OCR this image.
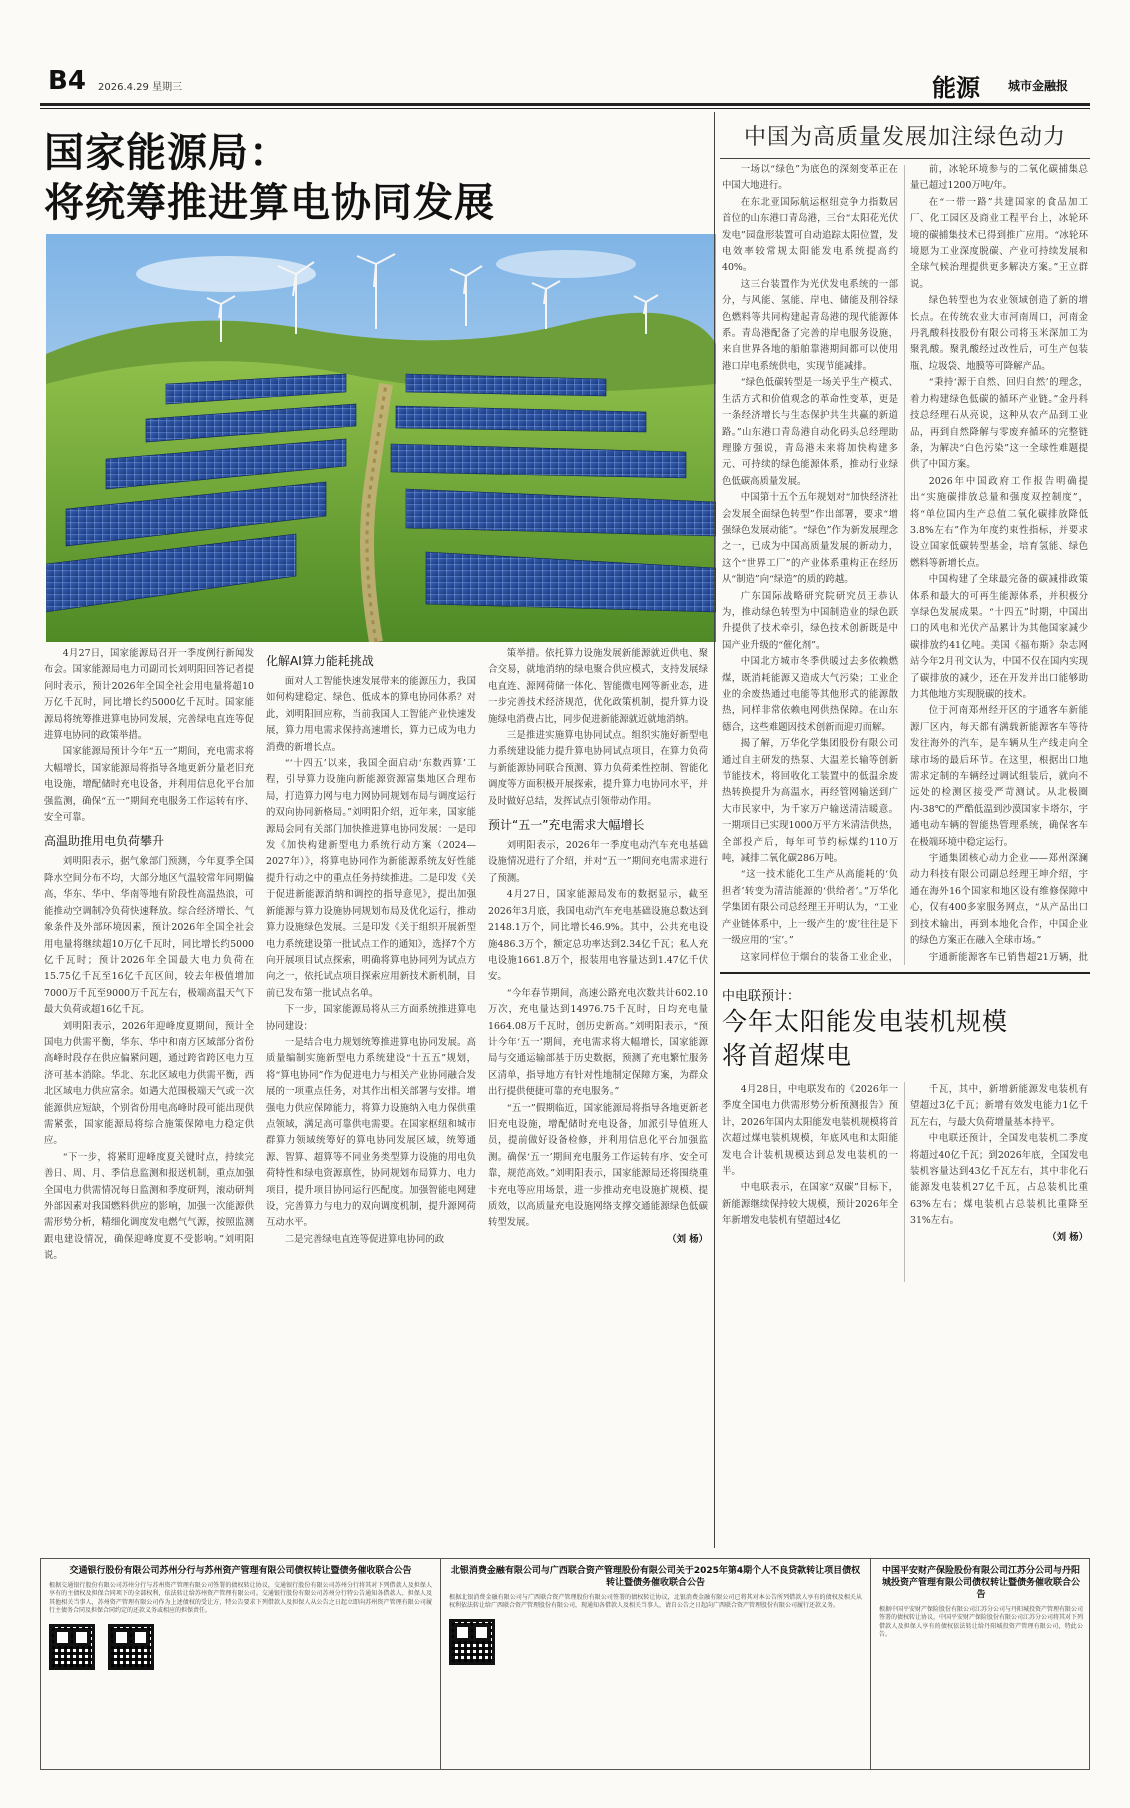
B4 2026.4.29 星期三	能源 城市金融报
国家能源局：
将统筹推进算电协同发展

4月27日，国家能源局召开一季度例行新闻发布会。国家能源局电力司副司长刘明阳回答记者提问时表示，预计2026年全国全社会用电量将超10万亿千瓦时，同比增长约5000亿千瓦时。国家能源局将统筹推进算电协同发展，完善绿电直连等促进算电协同的政策举措。

国家能源局预计今年“五一”期间，充电需求将大幅增长，国家能源局将指导各地更新分量老旧充电设施，增配储时充电设备，并利用信息化平台加强监测，确保“五一”期间充电服务工作运转有序、安全可靠。

高温助推用电负荷攀升

刘明阳表示，据气象部门预测，今年夏季全国降水空间分布不均，大部分地区气温较常年同期偏高，华东、华中、华南等地有阶段性高温热浪，可能推动空调制冷负荷快速释放。综合经济增长、气象条件及外部环境因素，预计2026年全国全社会用电量将继续超10万亿千瓦时，同比增长约5000亿千瓦时；预计2026年全国最大电力负荷在15.75亿千瓦至16亿千瓦区间，较去年极值增加7000万千瓦至9000万千瓦左右，极端高温天气下最大负荷或超16亿千瓦。

刘明阳表示，2026年迎峰度夏期间，预计全国电力供需平衡，华东、华中和南方区域部分省份高峰时段存在供应偏紧问题，通过跨省跨区电力互济可基本消除。华北、东北区域电力供需平衡，西北区域电力供应富余。如遇大范围极端天气或一次能源供应短缺，个别省份用电高峰时段可能出现供需紧张，国家能源局将综合施策保障电力稳定供应。

“下一步，将紧盯迎峰度夏关键时点，持续完善日、周、月、季信息监测和报送机制，重点加强全国电力供需情况每日监测和季度研判，滚动研判外部因素对我国燃料供应的影响，加强一次能源供需形势分析，精细化调度发电燃气气源，按照监测跟电建设情况，确保迎峰度夏不受影响。”刘明阳说。

化解AI算力能耗挑战

面对人工智能快速发展带来的能源压力，我国如何构建稳定、绿色、低成本的算电协同体系？对此，刘明阳回应称，当前我国人工智能产业快速发展，算力用电需求保持高速增长，算力已成为电力消费的新增长点。

“‘十四五’以来，我国全面启动‘东数西算’工程，引导算力设施向新能源资源富集地区合理布局，打造算力网与电力网协同规划布局与调度运行的双向协同新格局。”刘明阳介绍，近年来，国家能源局会同有关部门加快推进算电协同发展：一是印发《加快构建新型电力系统行动方案（2024—2027年）》，将算电协同作为新能源系统友好性能提升行动之中的重点任务持续推进。二是印发《关于促进新能源消纳和调控的指导意见》，提出加强新能源与算力设施协同规划布局及优化运行，推动算力设施绿色发展。三是印发《关于组织开展新型电力系统建设第一批试点工作的通知》，选择7个方向开展项目试点探索，明确将算电协同列为试点方向之一，依托试点项目探索应用新技术新机制，目前已发布第一批试点名单。

下一步，国家能源局将从三方面系统推进算电协同建设：

一是结合电力规划统筹推进算电协同发展。高质量编制实施新型电力系统建设“十五五”规划，将“算电协同”作为促进电力与相关产业协同融合发展的一项重点任务，对其作出相关部署与安排。增强电力供应保障能力，将算力设施纳入电力保供重点领域，满足高可靠供电需要。在国家枢纽和城市群算力领域统筹好的算电协同发展区域，统筹通源、智算、超算等不同业务类型算力设施的用电负荷特性和绿电资源禀性，协同规划布局算力、电力项目，提升项目协同运行匹配度。加强智能电网建设，完善算力与电力的双向调度机制，提升源网荷互动水平。

二是完善绿电直连等促进算电协同的政

策举措。依托算力设施发展新能源就近供电、聚合交易，就地消纳的绿电聚合供应模式，支持发展绿电直连、源网荷储一体化、智能微电网等新业态，进一步完善技术经济规范，优化政策机制，提升算力设施绿电消费占比，同步促进新能源就近就地消纳。

三是推进实施算电协同试点。组织实施好新型电力系统建设能力提升算电协同试点项目，在算力负荷与新能源协同联合预测、算力负荷柔性控制、智能化调度等方面积极开展探索，提升算力电协同水平，并及时做好总结，发挥试点引领带动作用。

预计“五一”充电需求大幅增长

刘明阳表示，2026年一季度电动汽车充电基础设施情况进行了介绍，并对“五一”期间充电需求进行了预测。

4月27日，国家能源局发布的数据显示，截至2026年3月底，我国电动汽车充电基础设施总数达到2148.1万个，同比增长46.9%。其中，公共充电设施486.3万个，额定总功率达到2.34亿千瓦；私人充电设施1661.8万个，报装用电容量达到1.47亿千伏安。

“今年春节期间，高速公路充电次数共计602.10万次，充电量达到14976.75千瓦时，日均充电量1664.08万千瓦时，创历史新高。”刘明阳表示，“预计今年‘五一’期间，充电需求将大幅增长，国家能源局与交通运输部基于历史数据，预测了充电繁忙服务区清单，指导地方有针对性地制定保障方案，为群众出行提供便捷可靠的充电服务。”

“五一”假期临近，国家能源局将指导各地更新老旧充电设施，增配储时充电设备，加派引导值班人员，提前做好设备检修，并利用信息化平台加强监测。确保‘五一’期间充电服务工作运转有序、安全可靠，规范高效。”刘明阳表示，国家能源局还将围绕重卡充电等应用场景，进一步推动充电设施扩规模、提质效，以高质量充电设施网络支撑交通能源绿色低碳转型发展。

（刘 杨）

中国为高质量发展加注绿色动力

一场以“绿色”为底色的深刻变革正在中国大地进行。

在东北亚国际航运枢纽竞争力指数居首位的山东港口青岛港，三台“太阳花光伏发电”园盘形装置可自动追踪太阳位置，发电效率较常规太阳能发电系统提高约40%。

这三台装置作为光伏发电系统的一部分，与风能、氢能、岸电、储能及削谷绿色燃料等共同构建起青岛港的现代能源体系。青岛港配备了完善的岸电服务设施，来自世界各地的船舶靠港期间都可以使用港口岸电系统供电，实现节能减排。

“绿色低碳转型是一场关乎生产模式、生活方式和价值观念的革命性变革，更是一条经济增长与生态保护共生共赢的新道路。”山东港口青岛港自动化码头总经理助理滕方强说，青岛港未来将加快构建多元、可持续的绿色能源体系，推动行业绿色低碳高质量发展。

中国第十五个五年规划对“加快经济社会发展全面绿色转型”作出部署，要求“增强绿色发展动能”。“绿色”作为新发展理念之一，已成为中国高质量发展的新动力，这个“世界工厂”的产业体系重构正在经历从“制造”向“绿造”的质的跨越。

广东国际战略研究院研究员王恭认为，推动绿色转型为中国制造业的绿色跃升提供了技术牵引，绿色技术创新既是中国产业升级的“催化剂”。

中国北方城市冬季供暖过去多依赖燃煤，既消耗能源又造成大气污染；工业企业的余废热通过电能等其他形式的能源散热，同样非常依赖电网供热保障。在山东德合，这些难题因技术创新而迎刃而解。

揭了解，万华化学集团股份有限公司通过自主研发的热泵、大温差长输等创新节能技术，将回收化工装置中的低温余废热转换提升为高温水，再经管网输送到广大市民家中，为千家万户输送清洁暖意。一期项目已实现1000万平方米清洁供热，全部投产后，每年可节约标煤约110万吨，减排二氧化碳286万吨。

“这一技术能化工生产从高能耗的‘负担者’转变为清洁能源的‘供给者’。”万华化学集团有限公司总经理王开明认为，“工业产业链体系中，上一级产生的‘废’往往是下一级应用的‘宝’。”

这家同样位于烟台的装备工业企业，

前，冰轮环境参与的二氧化碳捕集总量已超过1200万吨/年。

在“一带一路”共建国家的食品加工厂、化工园区及商业工程平台上，冰轮环境的碳捕集技术已得到推广应用。“冰轮环境愿为工业深度脱碳、产业可持续发展和全球气候治理提供更多解决方案。”王立群说。

绿色转型也为农业领域创造了新的增长点。在传统农业大市河南周口，河南金丹乳酸科技股份有限公司将玉米深加工为聚乳酸。聚乳酸经过改性后，可生产包装瓶、垃圾袋、地膜等可降解产品。

“秉持‘源于自然、回归自然’的理念，着力构建绿色低碳的循环产业链。”金丹科技总经理石从亮说，这种从农产品到工业品，再到自然降解与零废弃循环的完整链条，为解决“白色污染”这一全球性难题提供了中国方案。

2026年中国政府工作报告明确提出“实施碳排放总量和强度双控制度”，将“单位国内生产总值二氧化碳排放降低3.8%左右”作为年度约束性指标，并要求设立国家低碳转型基金，培育氢能、绿色燃料等新增长点。

中国构建了全球最完备的碳减排政策体系和最大的可再生能源体系，并积极分享绿色发展成果。“十四五”时期，中国出口的风电和光伏产品累计为其他国家减少碳排放约41亿吨。美国《福布斯》杂志网站今年2月刊文认为，中国不仅在国内实现了碳排放的减少，还在开发并出口能够助力其他地方实现脱碳的技术。

位于河南郑州经开区的宇通客车新能源厂区内，每天都有满载新能源客车等待发往海外的汽车，是车辆从生产线走向全球市场的最后环节。在这里，根据出口地需求定制的车辆经过调试组装后，就向不远处的检测区接受严苛测试。从北极圈内-38℃的严酷低温到沙漠国家卡塔尔，宇通电动车辆的智能热管理系统，确保客车在极端环境中稳定运行。

宇通集团核心动力企业——郑州深澜动力科技有限公司副总经理王坤介绍，宇通在海外16个国家和地区设有维修保障中心，仅有400多家服务网点，“从产品出口到技术输出，再到本地化合作，中国企业的绿色方案正在融入全球市场。”

宇通新能源客车已销售超21万辆，批

中电联预计：
今年太阳能发电装机规模
将首超煤电

4月28日，中电联发布的《2026年一季度全国电力供需形势分析预测报告》预计，2026年国内太阳能发电装机规模将首次超过煤电装机规模，年底风电和太阳能发电合计装机规模达到总发电装机的一半。

中电联表示，在国家“双碳”目标下，新能源继续保持较大规模，预计2026年全年新增发电装机有望超过4亿

千瓦，其中，新增新能源发电装机有望超过3亿千瓦；新增有效发电能力1亿千瓦左右，与最大负荷增量基本持平。

中电联还预计，全国发电装机二季度将超过40亿千瓦；到2026年底，全国发电装机容量达到43亿千瓦左右，其中非化石能源发电装机27亿千瓦，占总装机比重63%左右；煤电装机占总装机比重降至31%左右。

（刘 杨）

交通银行股份有限公司苏州分行与苏州资产管理有限公司债权转让暨债务催收联合公告
根据交通银行股份有限公司苏州分行与苏州资产管理有限公司签署的债权转让协议，交通银行股份有限公司苏州分行将其对下列借款人及担保人享有的主债权及担保合同项下的全部权利，依法转让给苏州资产管理有限公司。交通银行股份有限公司苏州分行特公告通知各借款人、担保人及其他相关当事人，苏州资产管理有限公司作为上述债权的受让方，特公告要求下列借款人及担保人从公告之日起立即向苏州资产管理有限公司履行主债务合同及担保合同约定的还款义务或相应的担保责任。

北银消费金融有限公司与广西联合资产管理股份有限公司关于2025年第4期个人不良贷款转让项目债权转让暨债务催收联合公告
根据北银消费金融有限公司与广西联合资产管理股份有限公司签署的债权转让协议，北银消费金融有限公司已将其对本公告所列借款人享有的债权及相关从权利依法转让给广西联合资产管理股份有限公司，现通知各借款人及相关当事人，请自公告之日起向广西联合资产管理股份有限公司履行还款义务。
中国平安财产保险股份有限公司江苏分公司与丹阳城投资产管理有限公司债权转让暨债务催收联合公告
根据中国平安财产保险股份有限公司江苏分公司与丹阳城投资产管理有限公司签署的债权转让协议，中国平安财产保险股份有限公司江苏分公司将其对下列借款人及担保人享有的债权依法转让给丹阳城投资产管理有限公司，特此公告。
